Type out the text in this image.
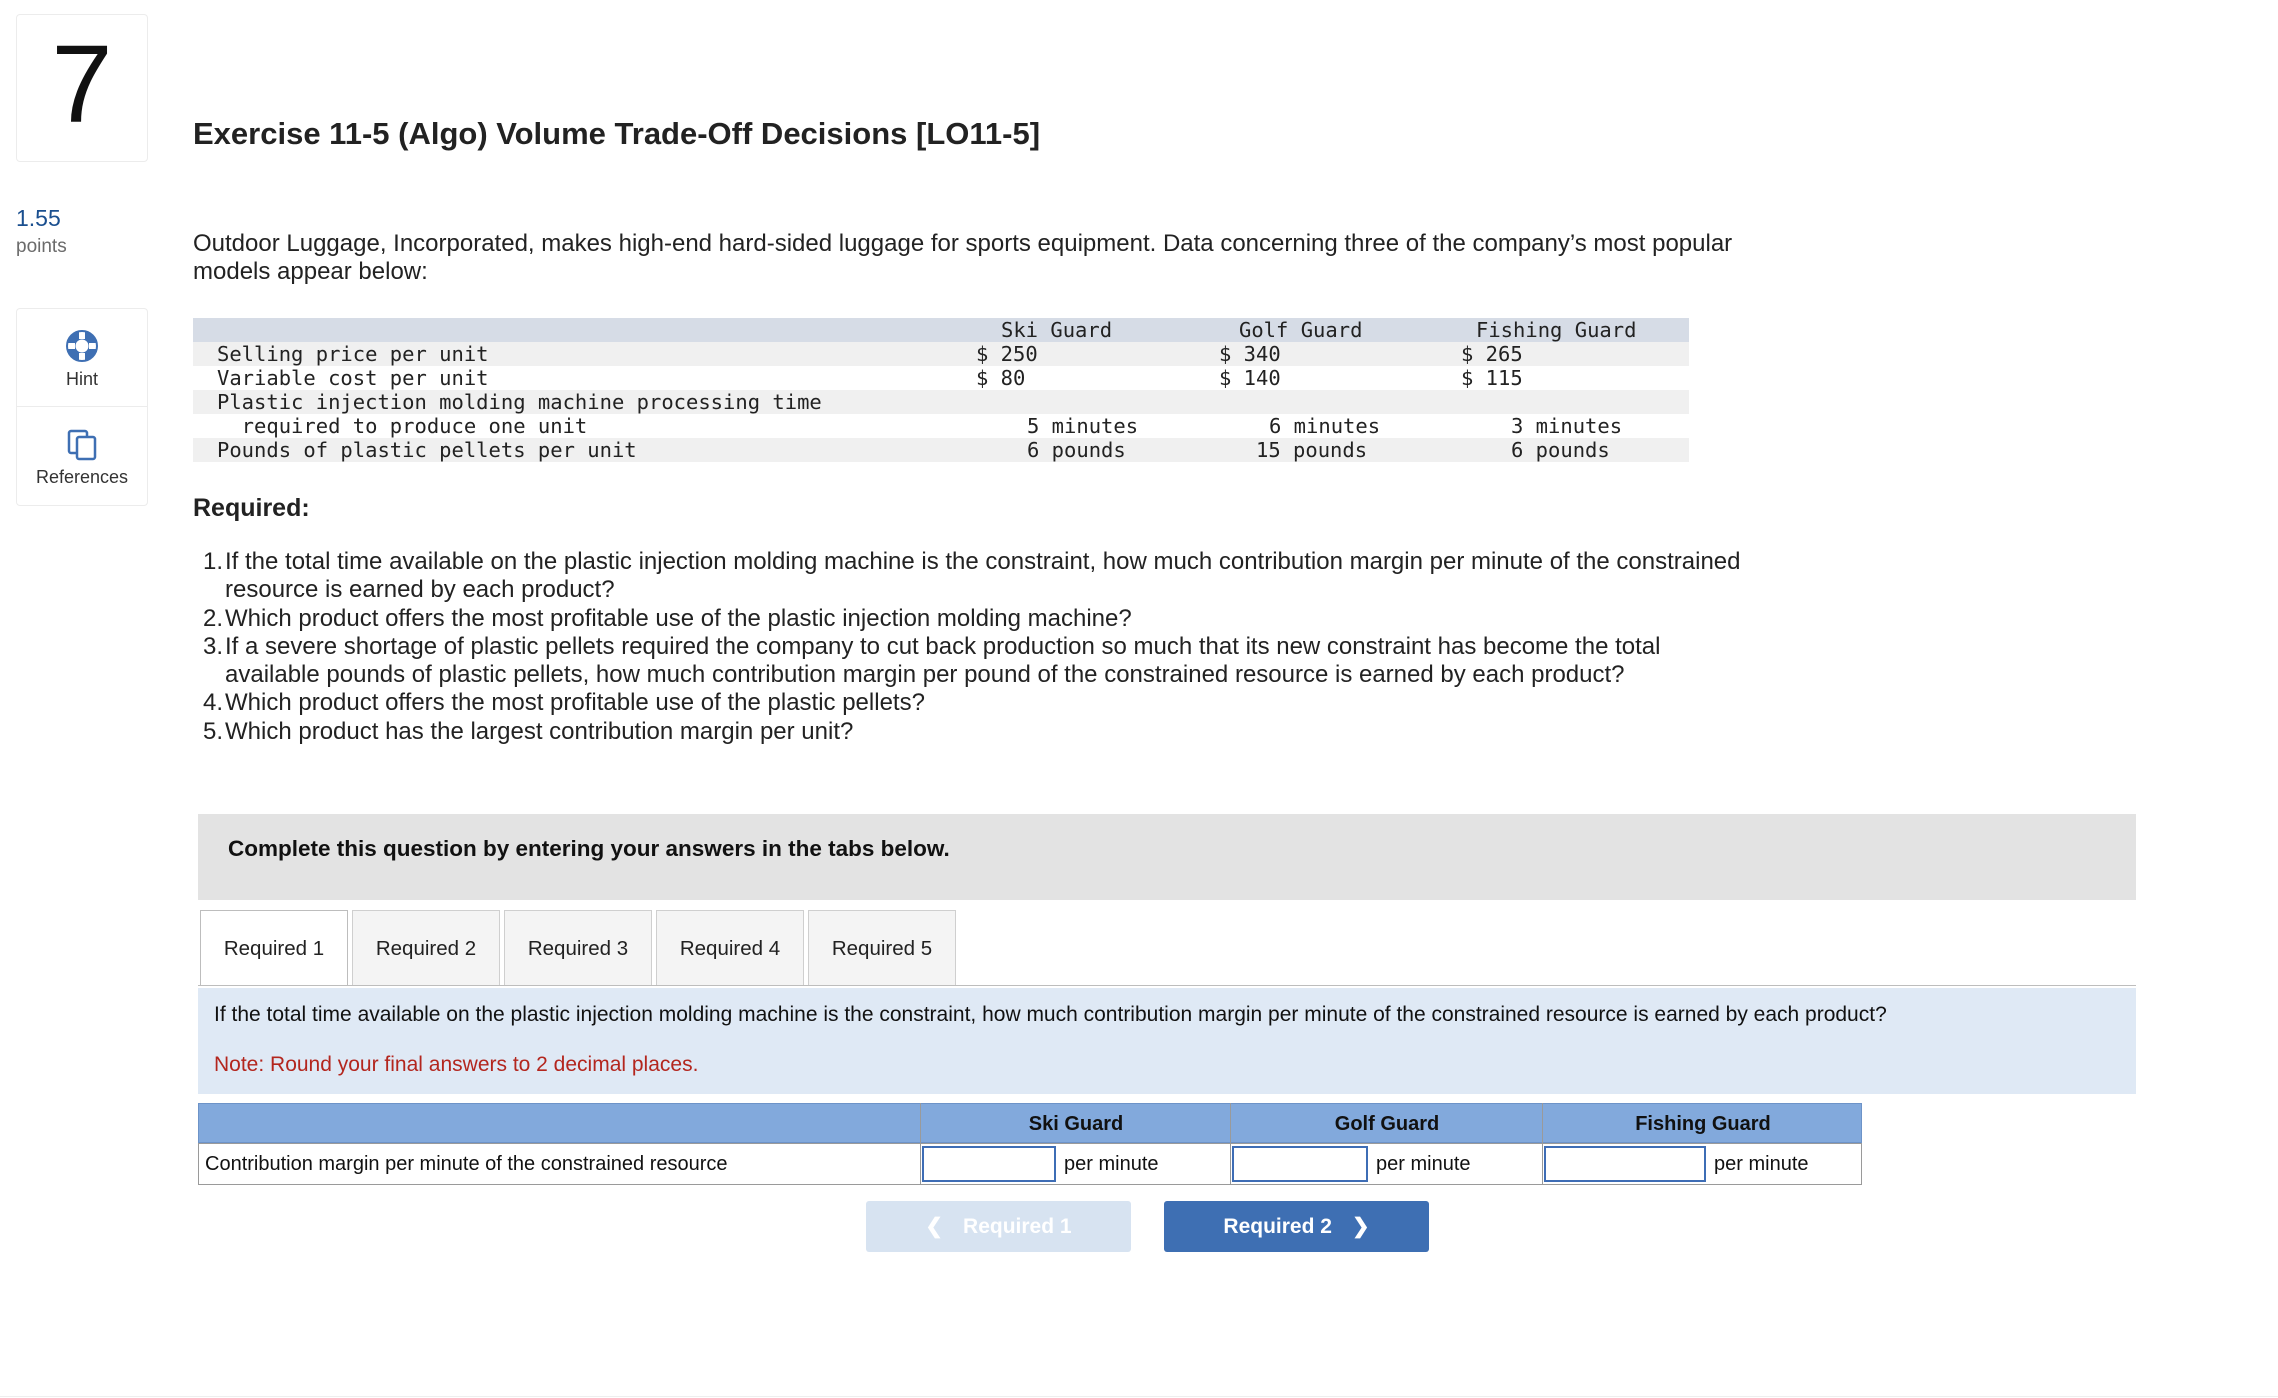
7
1.55
points
Hint
References
Exercise 11-5 (Algo) Volume Trade-Off Decisions [LO11-5]
Outdoor Luggage, Incorporated, makes high-end hard-sided luggage for sports equipment. Data concerning three of the company’s most popular models appear below:
Ski Guard	Golf Guard	Fishing Guard
Selling price per unit	$ 250	$ 340	$ 265
Variable cost per unit	$ 80	$ 140	$ 115
Plastic injection molding machine processing time
required to produce one unit	5 minutes	6 minutes	3 minutes
Pounds of plastic pellets per unit	6 pounds	15 pounds	6 pounds
Required:
1. If the total time available on the plastic injection molding machine is the constraint, how much contribution margin per minute of the constrained resource is earned by each product?
2. Which product offers the most profitable use of the plastic injection molding machine?
3. If a severe shortage of plastic pellets required the company to cut back production so much that its new constraint has become the total available pounds of plastic pellets, how much contribution margin per pound of the constrained resource is earned by each product?
4. Which product offers the most profitable use of the plastic pellets?
5. Which product has the largest contribution margin per unit?
Complete this question by entering your answers in the tabs below.
Required 1	Required 2	Required 3	Required 4	Required 5
If the total time available on the plastic injection molding machine is the constraint, how much contribution margin per minute of the constrained resource is earned by each product?
Note: Round your final answers to 2 decimal places.
Ski Guard	Golf Guard	Fishing Guard
Contribution margin per minute of the constrained resource	per minute	per minute	per minute
❮ Required 1	Required 2 ❯
